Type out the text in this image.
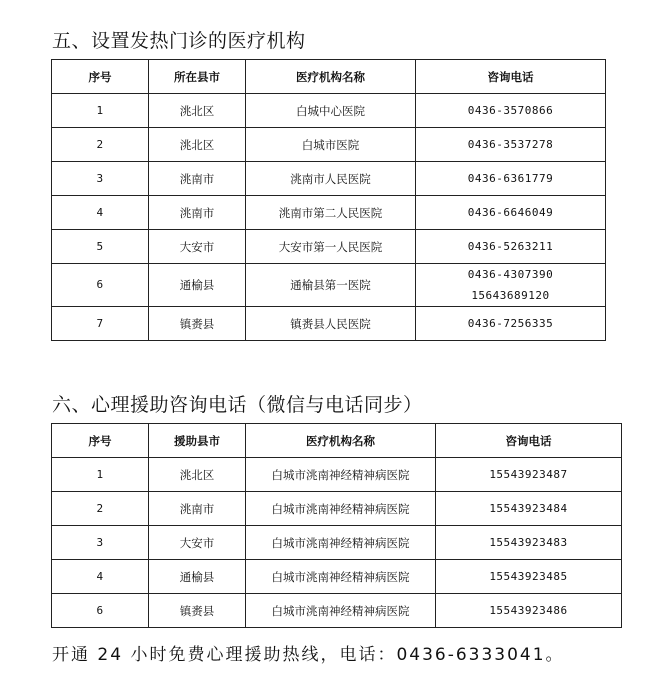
五、设置发热门诊的医疗机构
序号	所在县市	医疗机构名称	咨询电话
1	洮北区	白城中心医院	0436-3570866
2	洮北区	白城市医院	0436-3537278
3	洮南市	洮南市人民医院	0436-6361779
4	洮南市	洮南市第二人民医院	0436-6646049
5	大安市	大安市第一人民医院	0436-5263211
6	通榆县	通榆县第一医院	0436-4307390
15643689120

7	镇赉县	镇赉县人民医院	0436-7256335
六、心理援助咨询电话（微信与电话同步）
序号	援助县市	医疗机构名称	咨询电话
1	洮北区	白城市洮南神经精神病医院	15543923487
2	洮南市	白城市洮南神经精神病医院	15543923484
3	大安市	白城市洮南神经精神病医院	15543923483
4	通榆县	白城市洮南神经精神病医院	15543923485
6	镇赉县	白城市洮南神经精神病医院	15543923486
开通 24 小时免费心理援助热线，电话：0436-6333041。
